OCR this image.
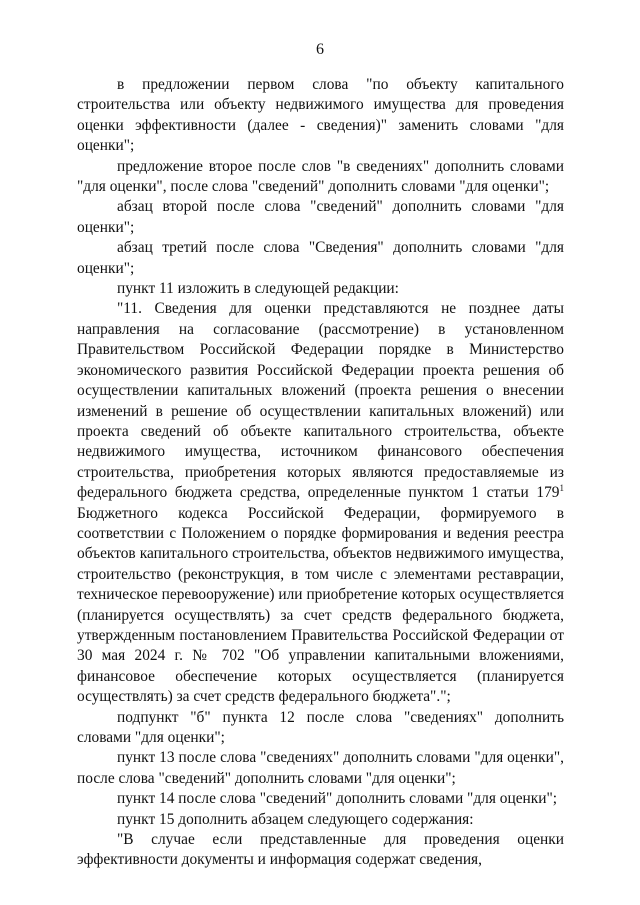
6

в предложении первом слова "по объекту капитального строительства или объекту недвижимого имущества для проведения оценки эффективности (далее - сведения)" заменить словами "для оценки";

предложение второе после слов "в сведениях" дополнить словами "для оценки", после слова "сведений" дополнить словами "для оценки";

абзац второй после слова "сведений" дополнить словами "для оценки";

абзац третий после слова "Сведения" дополнить словами "для оценки";

пункт 11 изложить в следующей редакции:

"11. Сведения для оценки представляются не позднее даты направления на согласование (рассмотрение) в установленном Правительством Российской Федерации порядке в Министерство экономического развития Российской Федерации проекта решения об осуществлении капитальных вложений (проекта решения о внесении изменений в решение об осуществлении капитальных вложений) или проекта сведений об объекте капитального строительства, объекте недвижимого имущества, источником финансового обеспечения строительства, приобретения которых являются предоставляемые из федерального бюджета средства, определенные пунктом 1 статьи $179^1$ Бюджетного кодекса Российской Федерации, формируемого в соответствии с Положением о порядке формирования и ведения реестра объектов капитального строительства, объектов недвижимого имущества, строительство (реконструкция, в том числе с элементами реставрации, техническое перевооружение) или приобретение которых осуществляется (планируется осуществлять) за счет средств федерального бюджета, утвержденным постановлением Правительства Российской Федерации от 30 мая 2024 г. № 702 "Об управлении капитальными вложениями, финансовое обеспечение которых осуществляется (планируется осуществлять) за счет средств федерального бюджета".";

подпункт "б" пункта 12 после слова "сведениях" дополнить словами "для оценки";

пункт 13 после слова "сведениях" дополнить словами "для оценки", после слова "сведений" дополнить словами "для оценки";

пункт 14 после слова "сведений" дополнить словами "для оценки";

пункт 15 дополнить абзацем следующего содержания:

"В случае если представленные для проведения оценки эффективности документы и информация содержат сведения,
